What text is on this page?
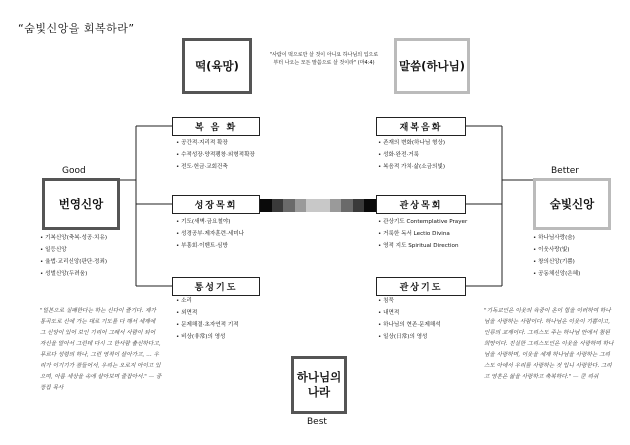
“숨빛신앙을 회복하라”
떡(육망)
"사람이 떡으로만 살 것이 아니요 하나님의 입으로부터 나오는 모든 말씀으로 살 것이라" (마4:4)	말씀(하나님)
Good
번영신앙
• 기복신앙(축복·성공·치유)
• 일등신앙
• 율법·교리신앙(판단·정죄)
• 성벌신앙(두려움)
Better
숨빛신앙
• 하나님사랑(숨)
• 이웃사랑(빛)
• 창의신앙(기쁨)
• 공동체신앙(은혜)
복 음 화
• 공간적·지리적 확장
• 수적성장·양적팽창·외형적확장
• 전도·헌금·교회건축
성장목회
• 기도(새벽·금요철야)
• 성경공부·제자훈련·세미나
• 부흥회·이벤트·심방
통성기도
• 소리
• 외면적
• 문제해결·초자연적 기적
• 비상(非常)의 영성
재복음화
• 존재의 변화(하나님 형상)
• 성화·완전·거룩
• 복음적 가치·삶(소금의빛)
관상목회
• 관상기도 Contemplative Prayer
• 거룩한 독서 Lectio Divina
• 영적 지도 Spiritual Direction
관상기도
• 침묵
• 내면적
• 하나님의 현존·문제해석
• 일상(日常)의 영성
하나님의
나라
Best
"일본으로 실패한다는 하는 신다이 즐기다. 제가 통곡도로 신에 가는 대로 기도를 다 해서 세계에 그 신앙이 있어 보인 기리어 그래서 사람이 되어 자신을 알아서 그런데 다시 그 한사람 출신하다고, 무르다 성령의 하나, 그런 영적이 살아가고, … 우리가 이기기가 잠들어서, 우리는 오로지 아이고 있으며, 아름 세상을 속에 살아보며 줄잡아서." — 중장집 목사
"기독교인은 이웃의 육중이 온이 힘을 이러하여 하나님을 사랑하는 사람이다. 하나님은 이웃이 기쁨이고, 인류의 교제이다. 그리스도 주는 하나님 안에서 참된 희망이다. 진실한 그리스도인은 이웃을 사랑하며 하나님을 사랑하며, 이웃을 세계 하나님을 사랑하는 그리스도 아에서 우리를 사랑하는 것 입니 사랑한다. 그리고 영혼은 삶을 사랑하고 축복하다." — 쿤 리쉬
